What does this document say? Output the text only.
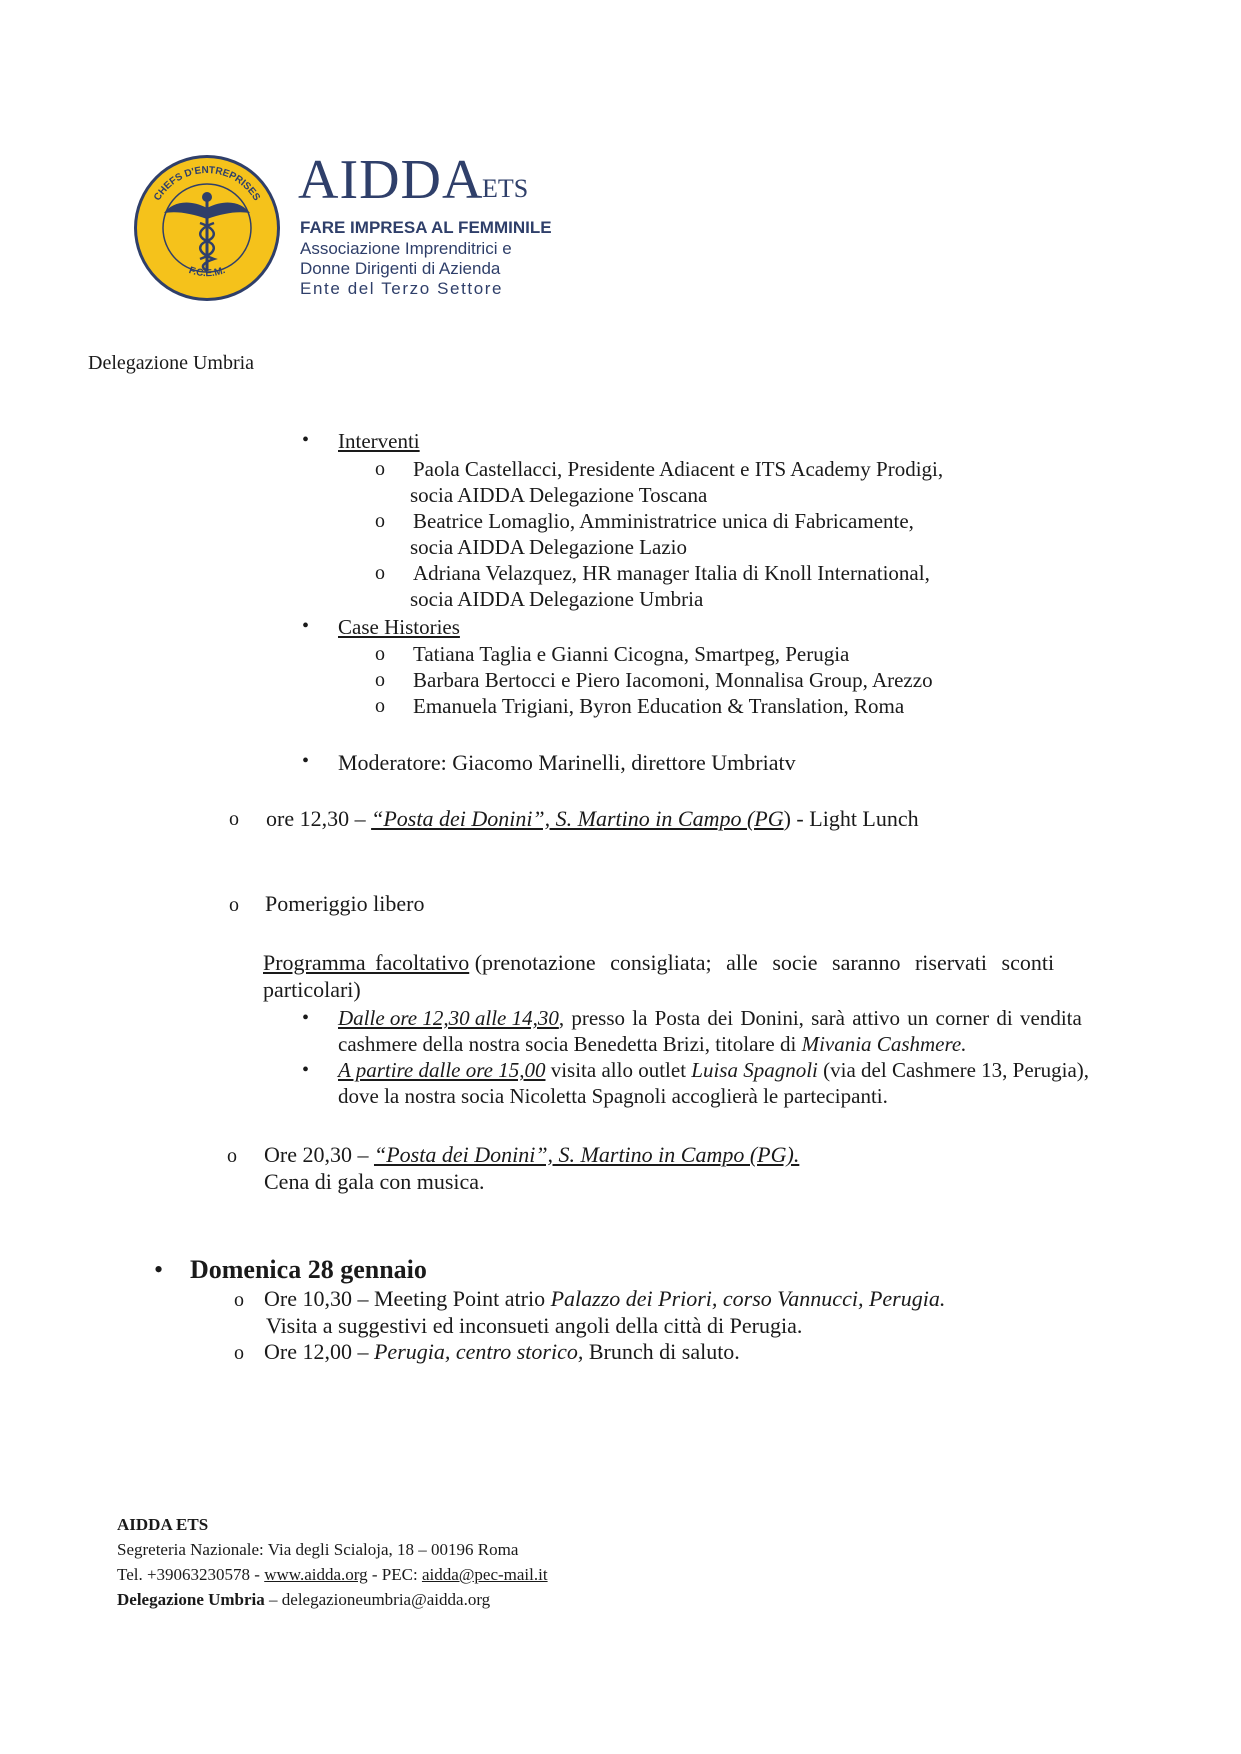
CHEFS D'ENTREPRISES
F.C.E.M.
AIDDA
ETS
FARE IMPRESA AL FEMMINILE
Associazione Imprenditrici e
Donne Dirigenti di Azienda
Ente del Terzo Settore
Delegazione Umbria
• Interventi
o Paola Castellacci, Presidente Adiacent e ITS Academy Prodigi,
socia AIDDA Delegazione Toscana
o Beatrice Lomaglio, Amministratrice unica di Fabricamente,
socia AIDDA Delegazione Lazio
o Adriana Velazquez, HR manager Italia di Knoll International,
socia AIDDA Delegazione Umbria
• Case Histories
o Tatiana Taglia e Gianni Cicogna, Smartpeg, Perugia
o Barbara Bertocci e Piero Iacomoni, Monnalisa Group, Arezzo
o Emanuela Trigiani, Byron Education & Translation, Roma
• Moderatore: Giacomo Marinelli, direttore Umbriatv
o ore 12,30 – “Posta dei Donini”, S. Martino in Campo (PG) - Light Lunch
o Pomeriggio libero
Programma facoltativo (prenotazione consigliata; alle socie saranno riservati sconti
particolari)
• Dalle ore 12,30 alle 14,30, presso la Posta dei Donini, sarà attivo un corner di vendita
cashmere della nostra socia Benedetta Brizi, titolare di Mivania Cashmere.
• A partire dalle ore 15,00 visita allo outlet Luisa Spagnoli (via del Cashmere 13, Perugia),
dove la nostra socia Nicoletta Spagnoli accoglierà le partecipanti.
o Ore 20,30 – “Posta dei Donini”, S. Martino in Campo (PG).
Cena di gala con musica.
• Domenica 28 gennaio
o Ore 10,30 – Meeting Point atrio Palazzo dei Priori, corso Vannucci, Perugia.
Visita a suggestivi ed inconsueti angoli della città di Perugia.
o Ore 12,00 – Perugia, centro storico, Brunch di saluto.
AIDDA ETS
Segreteria Nazionale: Via degli Scialoja, 18 – 00196 Roma
Tel. +39063230578 - www.aidda.org - PEC: aidda@pec-mail.it
Delegazione Umbria – delegazioneumbria@aidda.org
